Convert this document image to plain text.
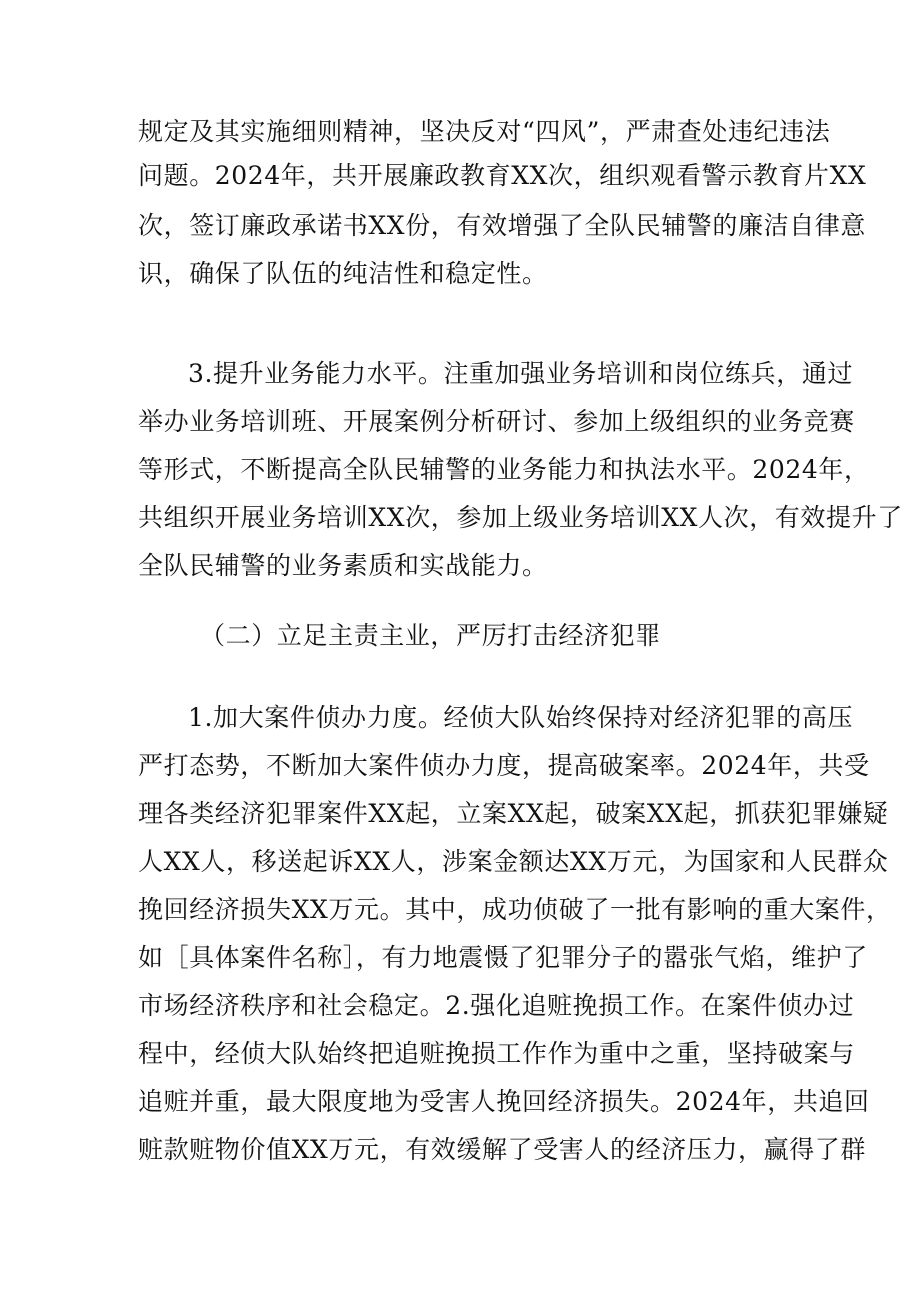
规定及其实施细则精神，坚决反对“四风”，严肃查处违纪违法
问题。2024年，共开展廉政教育XX次，组织观看警示教育片XX
次，签订廉政承诺书XX份，有效增强了全队民辅警的廉洁自律意
识，确保了队伍的纯洁性和稳定性。
3.提升业务能力水平。注重加强业务培训和岗位练兵，通过
举办业务培训班、开展案例分析研讨、参加上级组织的业务竞赛
等形式，不断提高全队民辅警的业务能力和执法水平。2024年，
共组织开展业务培训XX次，参加上级业务培训XX人次，有效提升了
全队民辅警的业务素质和实战能力。
（二）立足主责主业，严厉打击经济犯罪
1.加大案件侦办力度。经侦大队始终保持对经济犯罪的高压
严打态势，不断加大案件侦办力度，提高破案率。2024年，共受
理各类经济犯罪案件XX起，立案XX起，破案XX起，抓获犯罪嫌疑
人XX人，移送起诉XX人，涉案金额达XX万元，为国家和人民群众
挽回经济损失XX万元。其中，成功侦破了一批有影响的重大案件，
如［具体案件名称］，有力地震慑了犯罪分子的嚣张气焰，维护了
市场经济秩序和社会稳定。2.强化追赃挽损工作。在案件侦办过
程中，经侦大队始终把追赃挽损工作作为重中之重，坚持破案与
追赃并重，最大限度地为受害人挽回经济损失。2024年，共追回
赃款赃物价值XX万元，有效缓解了受害人的经济压力，赢得了群
